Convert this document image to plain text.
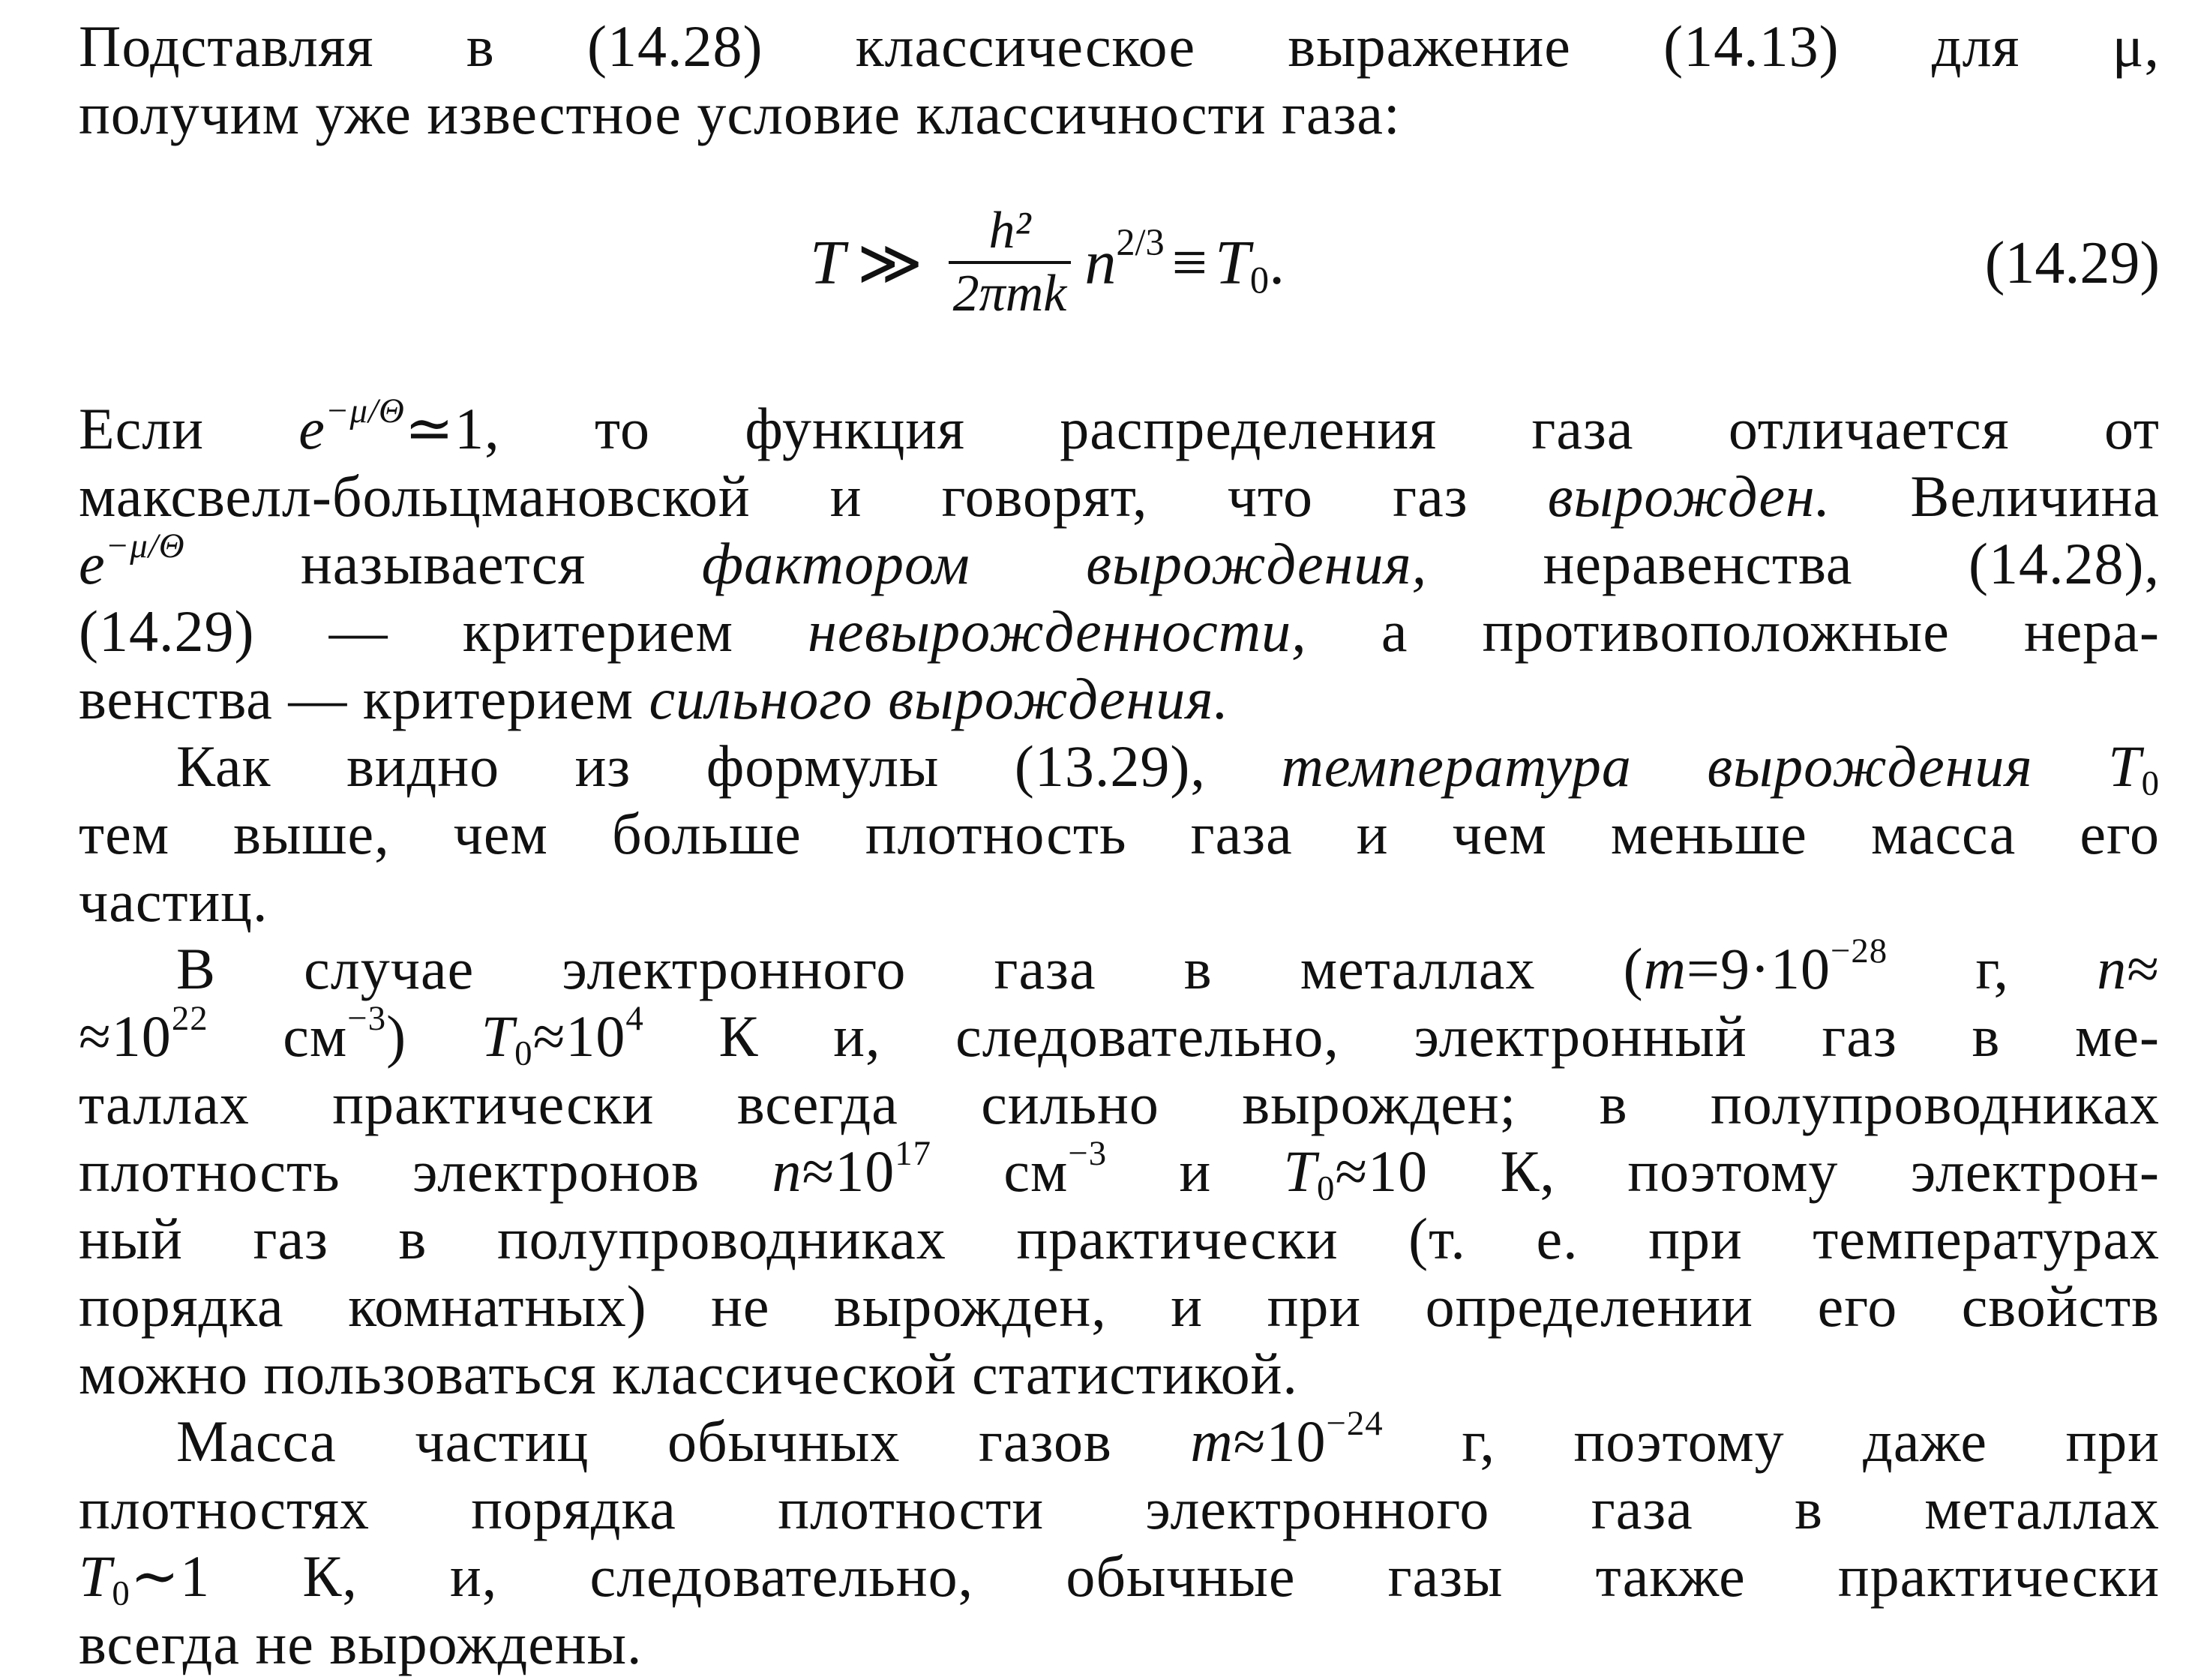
Подставляя в (14.28) классическое выражение (14.13) для μ,
получим уже известное условие классичности газа:
T ≫ $\frac{\text{h²}}{\text{2πmk}} n^{2/3} \equiv T_0$.	(14.29)
Если $e^{-\mu/\Theta}≃1$, то функция распределения газа отличается от
максвелл-больцмановской и говорят, что газ вырожден. Величина
$e^{-\mu/\Theta}$ называется фактором вырождения, неравенства (14.28),
(14.29) — критерием невырожденности, а противоположные нера-
венства — критерием сильного вырождения.
Как видно из формулы (13.29), температура вырождения $T_0$
тем выше, чем больше плотность газа и чем меньше масса его
частиц.
В случае электронного газа в металлах ($m=9\cdot 10^{-28}$ г, n≈
$\approx 10^{22}$ $см^{-3}$) $T_0\approx 10^4$ К и, следовательно, электронный газ в ме-
таллах практически всегда сильно вырожден; в полупроводниках
плотность электронов $n\approx 10^{17}$ $см^{-3}$ и $T_0\approx 10$ К, поэтому электрон-
ный газ в полупроводниках практически (т. е. при температурах
порядка комнатных) не вырожден, и при определении его свойств
можно пользоваться классической статистикой.
Масса частиц обычных газов $m\approx 10^{-24}$ г, поэтому даже при
плотностях порядка плотности электронного газа в металлах
$T_0\sim 1$ К, и, следовательно, обычные газы также практически
всегда не вырождены.
